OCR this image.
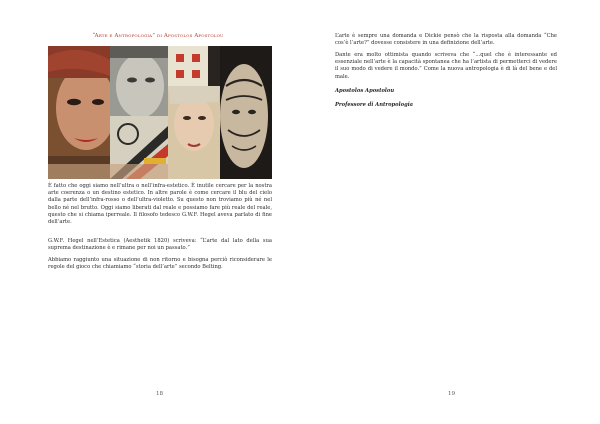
“Arte e Antropologia” di Apostolos Apostolou

È fatto che oggi siamo nell’ultra o nell’infra-estetico. È inutile cercare per la nostra arte coerenza o un destino estetico. In altre parole è come cercare il blu del cielo dalla parte dell’infra-rosso o dell’ultra-violetto. Su questo non troviamo più né nel bello né nel brutto. Oggi siamo liberati dal reale e possiamo fare più reale del reale, questo che si chiama iperreale. Il filosofo tedesco G.W.F. Hegel aveva parlato di fine dell’arte.

G.W.F. Hegel nell’Estetica (Aesthetik 1820) scriveva: “L’arte dal lato della sua suprema destinazione è e rimane per noi un passato.”

Abbiamo raggiunto una situazione di non ritorno e bisogna perciò riconsiderare le regole del gioco che chiamiamo “storia dell’arte” secondo Belting.

18

L’arte è sempre una domanda e Dickie pensò che la risposta alla domanda “Che cos’è l’arte?” dovesse consistere in una definizione dell’arte.

Dante era molto ottimista quando scriveva che “...quel che è interessante ed essenziale nell’arte è la capacità spontanea che ha l’artista di permetterci di vedere il suo modo di vedere il mondo.” Come la nuova antropologia è di là del bene e del male.

Apostolos Apostolou

Professore di Antropologia

19
